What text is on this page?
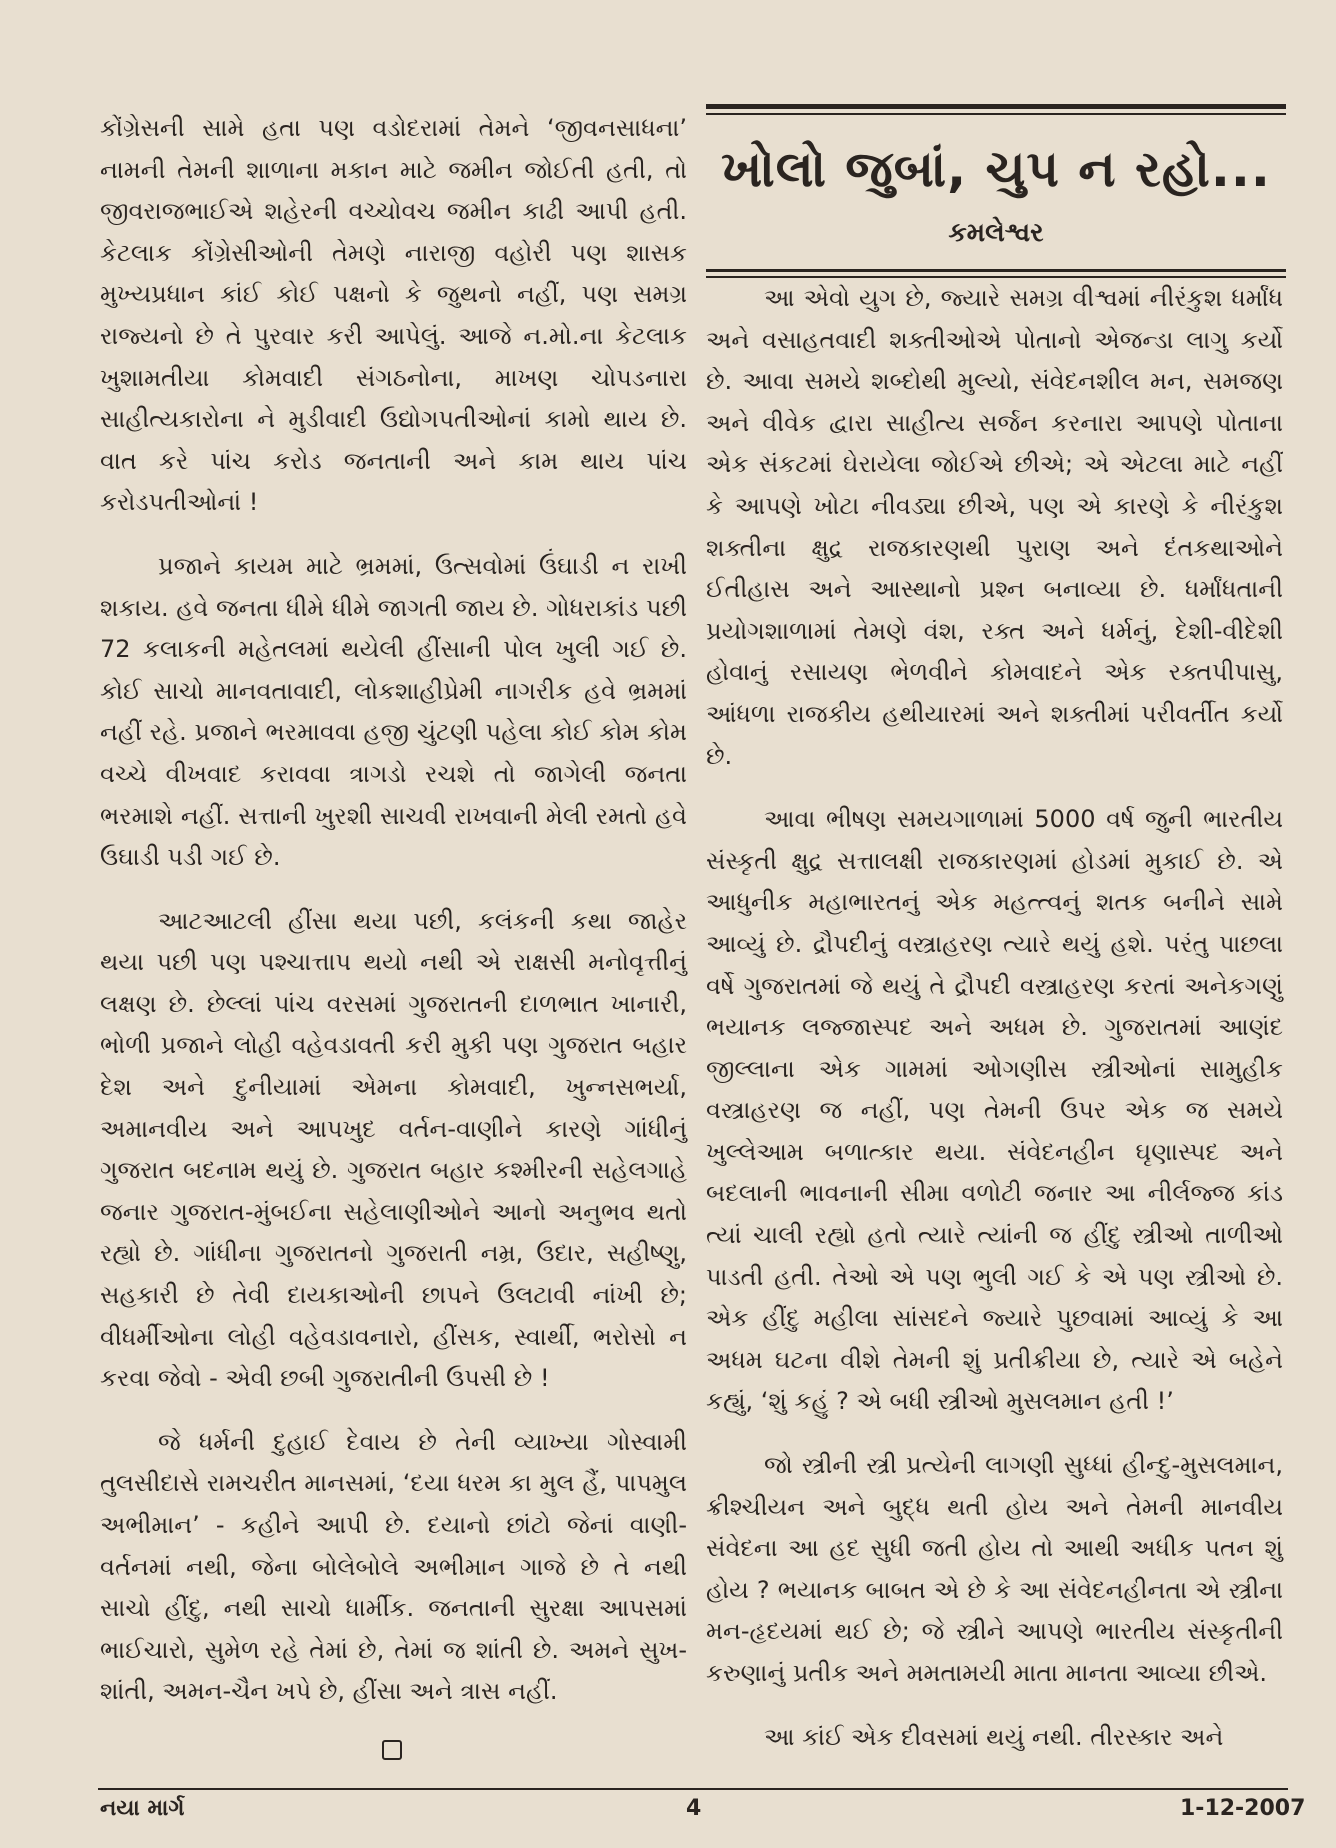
કોંગ્રેસની સામે હતા પણ વડોદરામાં તેમને ‘જીવનસાધના’ નામની તેમની શાળાના મકાન માટે જમીન જોઈતી હતી, તો જીવરાજભાઈએ શહેરની વચ્ચોવચ જમીન કાઢી આપી હતી. કેટલાક કોંગ્રેસીઓની તેમણે નારાજી વહોરી પણ શાસક મુખ્યપ્રધાન કાંઈ કોઈ પક્ષનો કે જુથનો નહીં, પણ સમગ્ર રાજ્યનો છે તે પુરવાર કરી આપેલું. આજે ન.મો.ના કેટલાક ખુશામતીયા કોમવાદી સંગઠનોના, માખણ ચોપડનારા સાહીત્યકારોના ને મુડીવાદી ઉદ્યોગપતીઓનાં કામો થાય છે. વાત કરે પાંચ કરોડ જનતાની અને કામ થાય પાંચ કરોડપતીઓનાં !

પ્રજાને કાયમ માટે ભ્રમમાં, ઉત્સવોમાં ઉંઘાડી ન રાખી શકાય. હવે જનતા ધીમે ધીમે જાગતી જાય છે. ગોધરાકાંડ પછી 72 કલાકની મહેતલમાં થયેલી હીંસાની પોલ ખુલી ગઈ છે. કોઈ સાચો માનવતાવાદી, લોકશાહીપ્રેમી નાગરીક હવે ભ્રમમાં નહીં રહે. પ્રજાને ભરમાવવા હજી ચુંટણી પહેલા કોઈ કોમ કોમ વચ્ચે વીખવાદ કરાવવા ત્રાગડો રચશે તો જાગેલી જનતા ભરમાશે નહીં. સત્તાની ખુરશી સાચવી રાખવાની મેલી રમતો હવે ઉઘાડી પડી ગઈ છે.

આટઆટલી હીંસા થયા પછી, કલંકની કથા જાહેર થયા પછી પણ પશ્ચાત્તાપ થયો નથી એ રાક્ષસી મનોવૃત્તીનું લક્ષણ છે. છેલ્લાં પાંચ વરસમાં ગુજરાતની દાળભાત ખાનારી, ભોળી પ્રજાને લોહી વહેવડાવતી કરી મુકી પણ ગુજરાત બહાર દેશ અને દુનીયામાં એમના કોમવાદી, ખુન્નસભર્યા, અમાનવીય અને આપખુદ વર્તન-વાણીને કારણે ગાંધીનું ગુજરાત બદનામ થયું છે. ગુજરાત બહાર કશ્મીરની સહેલગાહે જનાર ગુજરાત-મુંબઈના સહેલાણીઓને આનો અનુભવ થતો રહ્યો છે. ગાંધીના ગુજરાતનો ગુજરાતી નમ્ર, ઉદાર, સહીષ્ણુ, સહકારી છે તેવી દાયકાઓની છાપને ઉલટાવી નાંખી છે; વીધર્મીઓના લોહી વહેવડાવનારો, હીંસક, સ્વાર્થી, ભરોસો ન કરવા જેવો - એવી છબી ગુજરાતીની ઉપસી છે !

જે ધર્મની દુહાઈ દેવાય છે તેની વ્યાખ્યા ગોસ્વામી તુલસીદાસે રામચરીત માનસમાં, ‘દયા ધરમ કા મુલ હૈં, પાપમુલ અભીમાન’ - કહીને આપી છે. દયાનો છાંટો જેનાં વાણી-વર્તનમાં નથી, જેના બોલેબોલે અભીમાન ગાજે છે તે નથી સાચો હીંદુ, નથી સાચો ધાર્મીક. જનતાની સુરક્ષા આપસમાં ભાઈચારો, સુમેળ રહે તેમાં છે, તેમાં જ શાંતી છે. અમને સુખ-શાંતી, અમન-ચૈન ખપે છે, હીંસા અને ત્રાસ નહીં.

ખોલો જુબાં, ચુપ ન રહો...
કમલેશ્વર

આ એવો યુગ છે, જ્યારે સમગ્ર વીશ્વમાં નીરંકુશ ધર્માંધ અને વસાહતવાદી શક્તીઓએ પોતાનો એજન્ડા લાગુ કર્યો છે. આવા સમયે શબ્દોથી મુલ્યો, સંવેદનશીલ મન, સમજણ અને વીવેક દ્વારા સાહીત્ય સર્જન કરનારા આપણે પોતાના એક સંકટમાં ઘેરાયેલા જોઈએ છીએ; એ એટલા માટે નહીં કે આપણે ખોટા નીવડ્યા છીએ, પણ એ કારણે કે નીરંકુશ શક્તીના ક્ષુદ્ર રાજકારણથી પુરાણ અને દંતકથાઓને ઈતીહાસ અને આસ્થાનો પ્રશ્ન બનાવ્યા છે. ધર્માંધતાની પ્રયોગશાળામાં તેમણે વંશ, રક્ત અને ધર્મનું, દેશી-વીદેશી હોવાનું રસાયણ ભેળવીને કોમવાદને એક રક્તપીપાસુ, આંધળા રાજકીય હથીયારમાં અને શક્તીમાં પરીવર્તીત કર્યો છે.

આવા ભીષણ સમયગાળામાં 5000 વર્ષ જુની ભારતીય સંસ્કૃતી ક્ષુદ્ર સત્તાલક્ષી રાજકારણમાં હોડમાં મુકાઈ છે. એ આધુનીક મહાભારતનું એક મહત્ત્વનું શતક બનીને સામે આવ્યું છે. દ્રૌપદીનું વસ્ત્રાહરણ ત્યારે થયું હશે. પરંતુ પાછલા વર્ષે ગુજરાતમાં જે થયું તે દ્રૌપદી વસ્ત્રાહરણ કરતાં અનેકગણું ભયાનક લજ્જાસ્પદ અને અધમ છે. ગુજરાતમાં આણંદ જીલ્લાના એક ગામમાં ઓગણીસ સ્ત્રીઓનાં સામુહીક વસ્ત્રાહરણ જ નહીં, પણ તેમની ઉપર એક જ સમયે ખુલ્લેઆમ બળાત્કાર થયા. સંવેદનહીન ઘૃણાસ્પદ અને બદલાની ભાવનાની સીમા વળોટી જનાર આ નીર્લજ્જ કાંડ ત્યાં ચાલી રહ્યો હતો ત્યારે ત્યાંની જ હીંદુ સ્ત્રીઓ તાળીઓ પાડતી હતી. તેઓ એ પણ ભુલી ગઈ કે એ પણ સ્ત્રીઓ છે. એક હીંદુ મહીલા સાંસદને જ્યારે પુછવામાં આવ્યું કે આ અધમ ઘટના વીશે તેમની શું પ્રતીક્રીયા છે, ત્યારે એ બહેને કહ્યું, ‘શું કહું ? એ બધી સ્ત્રીઓ મુસલમાન હતી !’

જો સ્ત્રીની સ્ત્રી પ્રત્યેની લાગણી સુધ્ધાં હીન્દુ-મુસલમાન, ક્રીશ્ચીયન અને બુદ્ધ થતી હોય અને તેમની માનવીય સંવેદના આ હદ સુધી જતી હોય તો આથી અધીક પતન શું હોય ? ભયાનક બાબત એ છે કે આ સંવેદનહીનતા એ સ્ત્રીના મન-હૃદયમાં થઈ છે; જે સ્ત્રીને આપણે ભારતીય સંસ્કૃતીની કરુણાનું પ્રતીક અને મમતામયી માતા માનતા આવ્યા છીએ.

આ કાંઈ એક દીવસમાં થયું નથી. તીરસ્કાર અને

નયા માર્ગ	4	1-12-2007
